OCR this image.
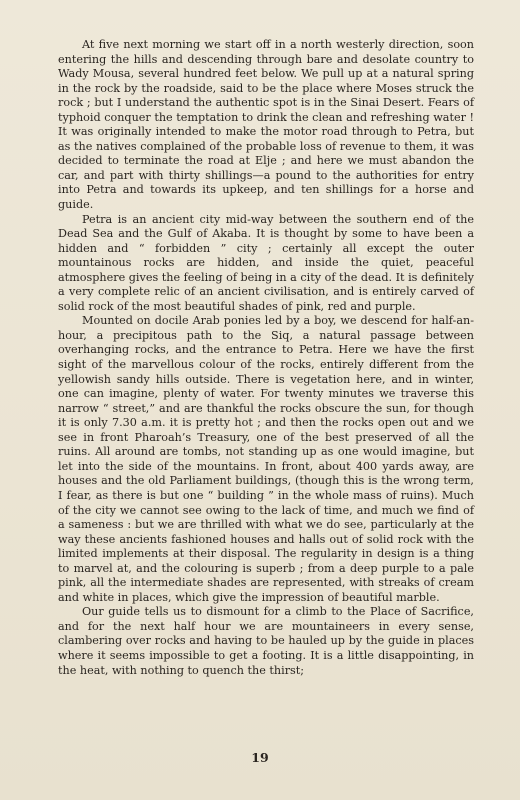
At five next morning we start off in a north westerly direction, soon entering the hills and descending through bare and desolate country to Wady Mousa, several hundred feet below. We pull up at a natural spring in the rock by the roadside, said to be the place where Moses struck the rock ; but I understand the authentic spot is in the Sinai Desert. Fears of typhoid conquer the temptation to drink the clean and refreshing water ! It was originally intended to make the motor road through to Petra, but as the natives complained of the probable loss of revenue to them, it was decided to terminate the road at Elje ; and here we must abandon the car, and part with thirty shillings—a pound to the authorities for entry into Petra and towards its upkeep, and ten shillings for a horse and guide.

Petra is an ancient city mid-way between the southern end of the Dead Sea and the Gulf of Akaba. It is thought by some to have been a hidden and “ forbidden ” city ; certainly all except the outer mountainous rocks are hidden, and inside the quiet, peaceful atmosphere gives the feeling of being in a city of the dead. It is definitely a very complete relic of an ancient civilisation, and is entirely carved of solid rock of the most beautiful shades of pink, red and purple.

Mounted on docile Arab ponies led by a boy, we descend for half-an-hour, a precipitous path to the Siq, a natural passage between overhanging rocks, and the entrance to Petra. Here we have the first sight of the marvellous colour of the rocks, entirely different from the yellowish sandy hills outside. There is vegetation here, and in winter, one can imagine, plenty of water. For twenty minutes we traverse this narrow “ street,” and are thankful the rocks obscure the sun, for though it is only 7.30 a.m. it is pretty hot ; and then the rocks open out and we see in front Pharoah’s Treasury, one of the best preserved of all the ruins. All around are tombs, not standing up as one would imagine, but let into the side of the mountains. In front, about 400 yards away, are houses and the old Parliament buildings, (though this is the wrong term, I fear, as there is but one “ building ” in the whole mass of ruins). Much of the city we cannot see owing to the lack of time, and much we find of a sameness : but we are thrilled with what we do see, particularly at the way these ancients fashioned houses and halls out of solid rock with the limited implements at their disposal. The regularity in design is a thing to marvel at, and the colouring is superb ; from a deep purple to a pale pink, all the intermediate shades are represented, with streaks of cream and white in places, which give the impression of beautiful marble.

Our guide tells us to dismount for a climb to the Place of Sacrifice, and for the next half hour we are mountaineers in every sense, clambering over rocks and having to be hauled up by the guide in places where it seems impossible to get a footing. It is a little disappointing, in the heat, with nothing to quench the thirst;

19
